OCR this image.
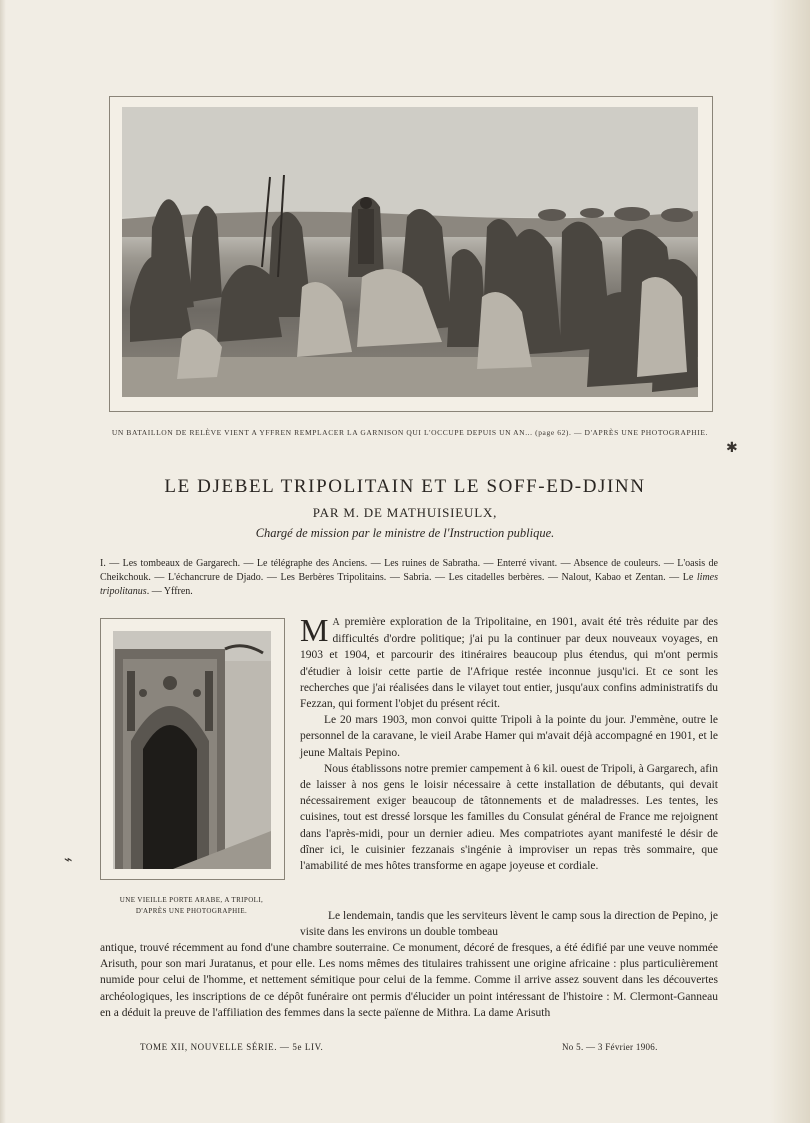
✱
⌁
UN BATAILLON DE RELÈVE VIENT A YFFREN REMPLACER LA GARNISON QUI L'OCCUPE DEPUIS UN AN... (page 62). — D'APRÈS UNE PHOTOGRAPHIE.
LE DJEBEL TRIPOLITAIN ET LE SOFF-ED-DJINN
PAR M. DE MATHUISIEULX,
Chargé de mission par le ministre de l'Instruction publique.
I. — Les tombeaux de Gargarech. — Le télégraphe des Anciens. — Les ruines de Sabratha. — Enterré vivant. — Absence de couleurs. — L'oasis de Cheikchouk. — L'échancrure de Djado. — Les Berbères Tripolitains. — Sabria. — Les citadelles berbères. — Nalout, Kabao et Zentan. — Le limes tripolitanus. — Yffren.
UNE VIEILLE PORTE ARABE, A TRIPOLI,
D'APRÈS UNE PHOTOGRAPHIE.

M A première exploration de la Tripolitaine, en 1901, avait été très réduite par des difficultés d'ordre politique; j'ai pu la continuer par deux nouveaux voyages, en 1903 et 1904, et parcourir des itinéraires beaucoup plus étendus, qui m'ont permis d'étudier à loisir cette partie de l'Afrique restée inconnue jusqu'ici. Et ce sont les recherches que j'ai réalisées dans le vilayet tout entier, jusqu'aux confins administratifs du Fezzan, qui forment l'objet du présent récit.

Le 20 mars 1903, mon convoi quitte Tripoli à la pointe du jour. J'emmène, outre le personnel de la caravane, le vieil Arabe Hamer qui m'avait déjà accompagné en 1901, et le jeune Maltais Pepino.

Nous établissons notre premier campement à 6 kil. ouest de Tripoli, à Gargarech, afin de laisser à nos gens le loisir nécessaire à cette installation de débutants, qui devait nécessairement exiger beaucoup de tâtonnements et de maladresses. Les tentes, les cuisines, tout est dressé lorsque les familles du Consulat général de France me rejoignent dans l'après-midi, pour un dernier adieu. Mes compatriotes ayant manifesté le désir de dîner ici, le cuisinier fezzanais s'ingénie à improviser un repas très sommaire, que l'amabilité de mes hôtes transforme en agape joyeuse et cordiale.

Le lendemain, tandis que les serviteurs lèvent le camp sous la direction de Pepino, je visite dans les environs un double tombeau

antique, trouvé récemment au fond d'une chambre souterraine. Ce monument, décoré de fresques, a été édifié par une veuve nommée Arisuth, pour son mari Juratanus, et pour elle. Les noms mêmes des titulaires trahissent une origine africaine : plus particulièrement numide pour celui de l'homme, et nettement sémitique pour celui de la femme. Comme il arrive assez souvent dans les découvertes archéologiques, les inscriptions de ce dépôt funéraire ont permis d'élucider un point intéressant de l'histoire : M. Clermont-Ganneau en a déduit la preuve de l'affiliation des femmes dans la secte païenne de Mithra. La dame Arisuth

TOME XII, NOUVELLE SÉRIE. — 5e LIV.	No 5. — 3 Février 1906.
